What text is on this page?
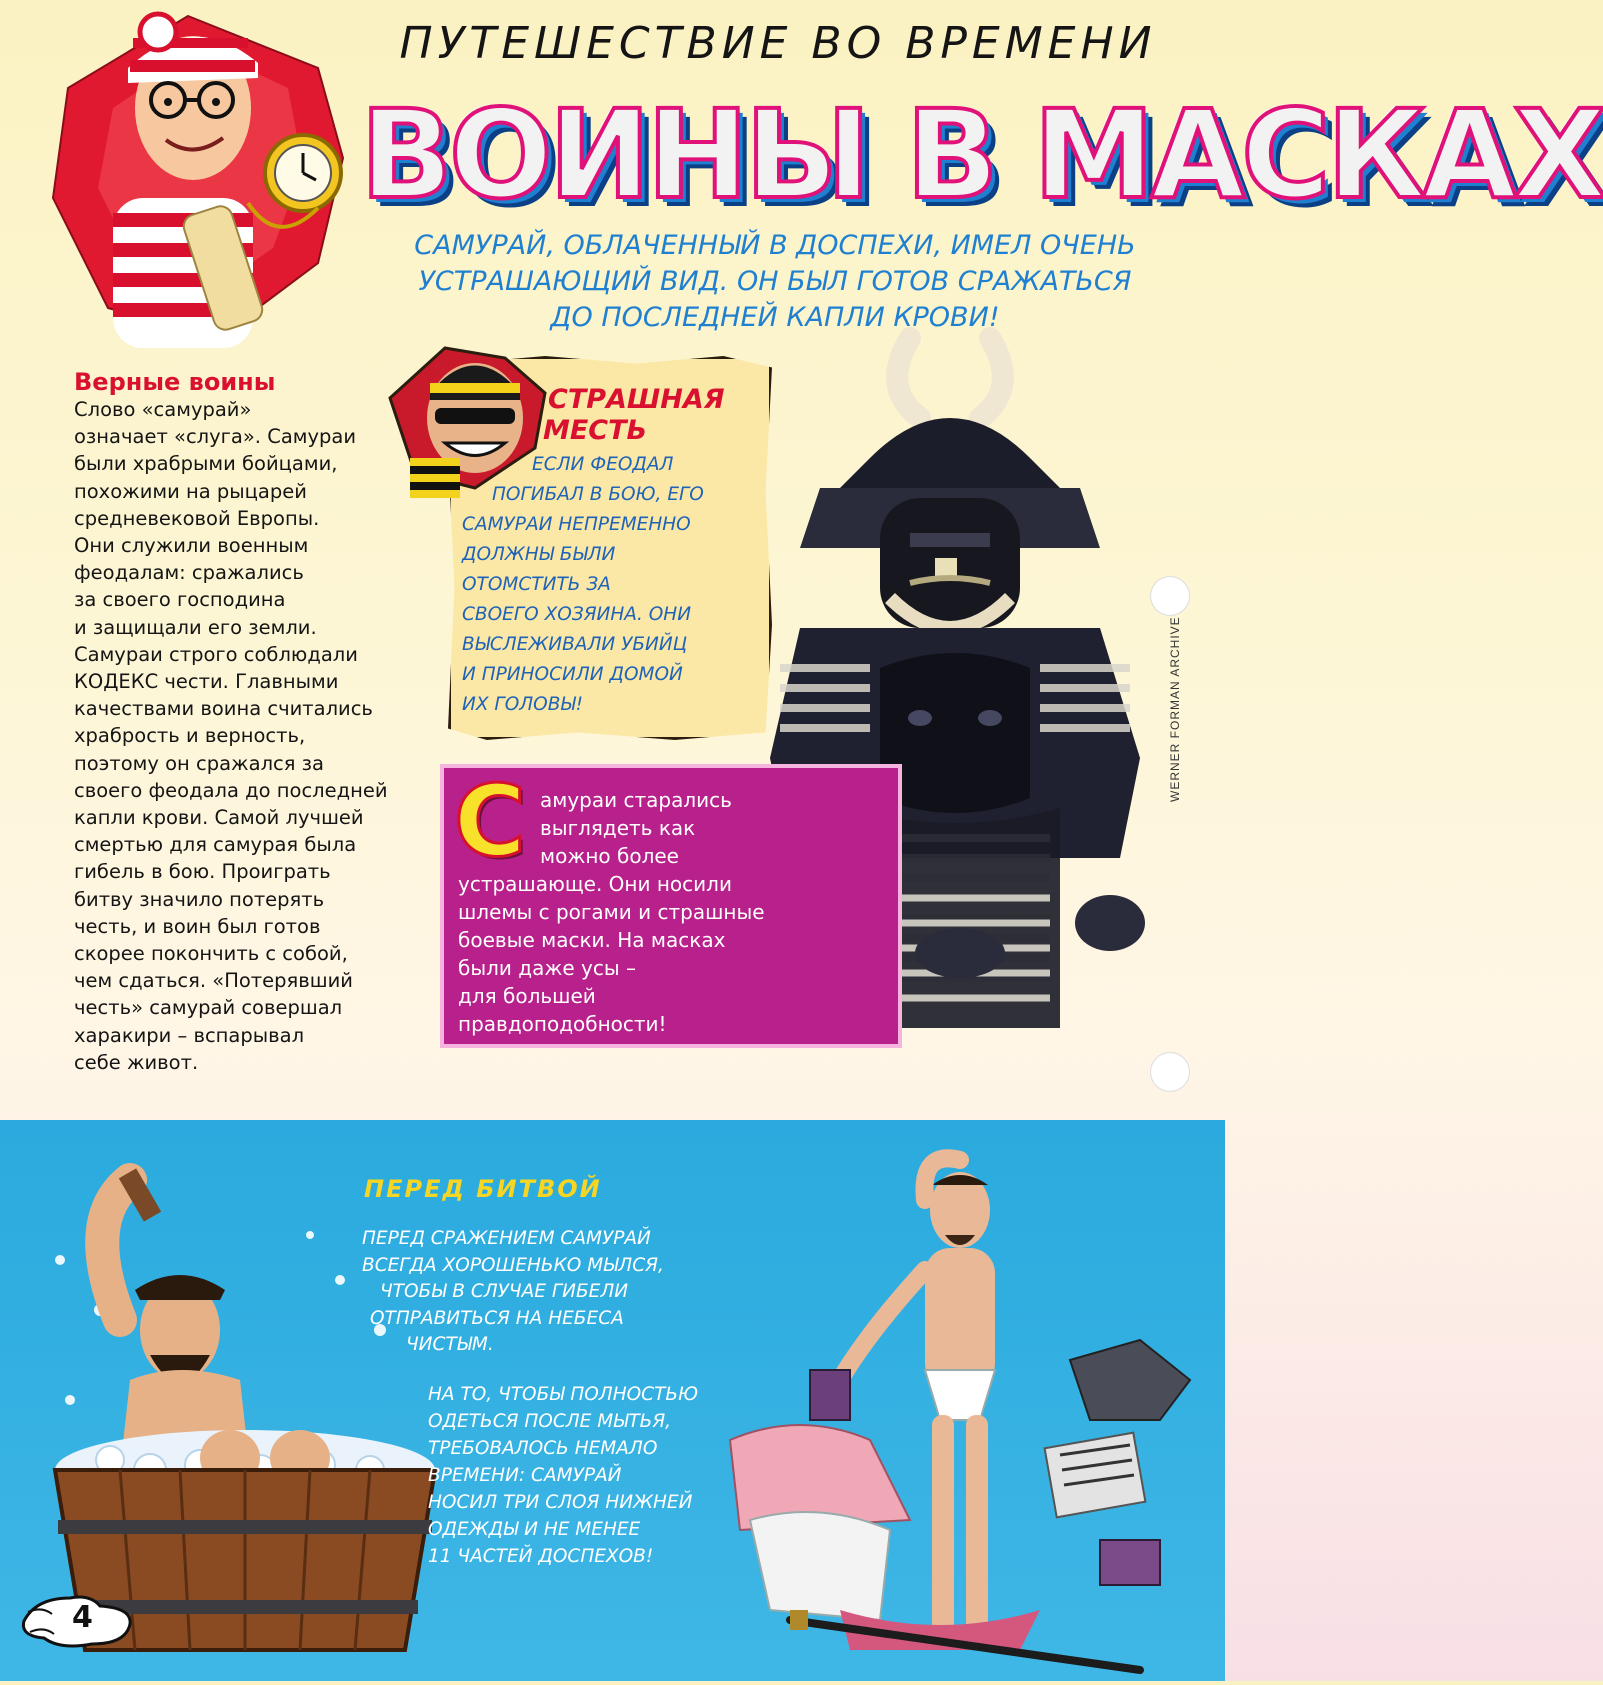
ПУТЕШЕСТВИЕ ВО ВРЕМЕНИ
ВОИНЫ В МАСКАХ
САМУРАЙ, ОБЛАЧЕННЫЙ В ДОСПЕХИ, ИМЕЛ ОЧЕНЬ
УСТРАШАЮЩИЙ ВИД. ОН БЫЛ ГОТОВ СРАЖАТЬСЯ
ДО ПОСЛЕДНЕЙ КАПЛИ КРОВИ!
Верные воины
Слово «самурай»
означает «слуга». Самураи
были храбрыми бойцами,
похожими на рыцарей
средневековой Европы.
Они служили военным
феодалам: сражались
за своего господина
и защищали его земли.
Самураи строго соблюдали
КОДЕКС чести. Главными
качествами воина считались
храбрость и верность,
поэтому он сражался за
своего феодала до последней
капли крови. Самой лучшей
смертью для самурая была
гибель в бою. Проиграть
битву значило потерять
честь, и воин был готов
скорее покончить с собой,
чем сдаться. «Потерявший
честь» самурай совершал
харакири – вспарывал
себе живот.
WERNER FORMAN ARCHIVE
СТРАШНАЯ
МЕСТЬ
ЕСЛИ ФЕОДАЛ
ПОГИБАЛ В БОЮ, ЕГО
САМУРАИ НЕПРЕМЕННО
ДОЛЖНЫ БЫЛИ
ОТОМСТИТЬ ЗА
СВОЕГО ХОЗЯИНА. ОНИ
ВЫСЛЕЖИВАЛИ УБИЙЦ
И ПРИНОСИЛИ ДОМОЙ
ИХ ГОЛОВЫ!
С амураи старались
выглядеть как
можно более
устрашающе. Они носили
шлемы с рогами и страшные
боевые маски. На масках
были даже усы –
для большей
правдоподобности!
ПЕРЕД БИТВОЙ
ПЕРЕД СРАЖЕНИЕМ САМУРАЙ
ВСЕГДА ХОРОШЕНЬКО МЫЛСЯ,
ЧТОБЫ В СЛУЧАЕ ГИБЕЛИ
ОТПРАВИТЬСЯ НА НЕБЕСА
ЧИСТЫМ.
НА ТО, ЧТОБЫ ПОЛНОСТЬЮ
ОДЕТЬСЯ ПОСЛЕ МЫТЬЯ,
ТРЕБОВАЛОСЬ НЕМАЛО
ВРЕМЕНИ: САМУРАЙ
НОСИЛ ТРИ СЛОЯ НИЖНЕЙ
ОДЕЖДЫ И НЕ МЕНЕЕ
11 ЧАСТЕЙ ДОСПЕХОВ!
4
